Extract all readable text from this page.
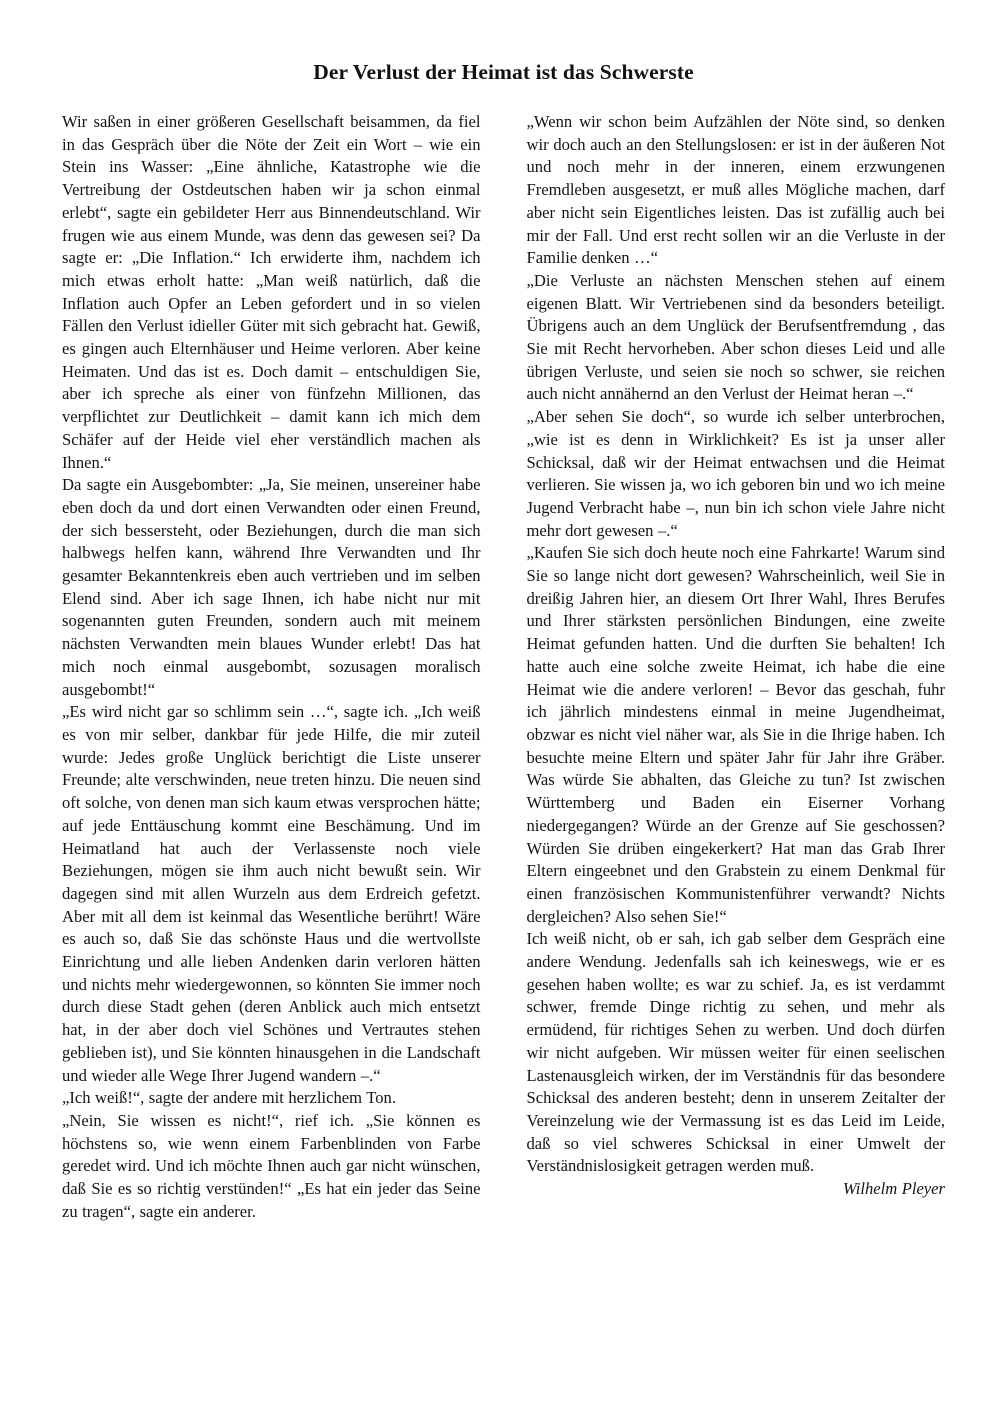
Der Verlust der Heimat ist das Schwerste

Wir saßen in einer größeren Gesellschaft beisammen, da fiel in das Gespräch über die Nöte der Zeit ein Wort – wie ein Stein ins Wasser: „Eine ähnliche, Katastrophe wie die Vertreibung der Ostdeutschen haben wir ja schon einmal erlebt“, sagte ein gebildeter Herr aus Binnendeutschland. Wir frugen wie aus einem Munde, was denn das gewesen sei? Da sagte er: „Die Inflation.“ Ich erwiderte ihm, nachdem ich mich etwas erholt hatte: „Man weiß natürlich, daß die Inflation auch Opfer an Leben gefordert und in so vielen Fällen den Verlust idieller Güter mit sich gebracht hat. Gewiß, es gingen auch Elternhäuser und Heime verloren. Aber keine Heimaten. Und das ist es. Doch damit – entschuldigen Sie, aber ich spreche als einer von fünfzehn Millionen, das verpflichtet zur Deutlichkeit – damit kann ich mich dem Schäfer auf der Heide viel eher verständlich machen als Ihnen.“

Da sagte ein Ausgebombter: „Ja, Sie meinen, unsereiner habe eben doch da und dort einen Verwandten oder einen Freund, der sich bessersteht, oder Beziehungen, durch die man sich halbwegs helfen kann, während Ihre Verwandten und Ihr gesamter Bekanntenkreis eben auch vertrieben und im selben Elend sind. Aber ich sage Ihnen, ich habe nicht nur mit sogenannten guten Freunden, sondern auch mit meinem nächsten Verwandten mein blaues Wunder erlebt! Das hat mich noch einmal ausgebombt, sozusagen moralisch ausgebombt!“

„Es wird nicht gar so schlimm sein …“, sagte ich. „Ich weiß es von mir selber, dankbar für jede Hilfe, die mir zuteil wurde: Jedes große Unglück berichtigt die Liste unserer Freunde; alte verschwinden, neue treten hinzu. Die neuen sind oft solche, von denen man sich kaum etwas versprochen hätte; auf jede Enttäuschung kommt eine Beschämung. Und im Heimatland hat auch der Verlassenste noch viele Beziehungen, mögen sie ihm auch nicht bewußt sein. Wir dagegen sind mit allen Wurzeln aus dem Erdreich gefetzt. Aber mit all dem ist keinmal das Wesentliche berührt! Wäre es auch so, daß Sie das schönste Haus und die wertvollste Einrichtung und alle lieben Andenken darin verloren hätten und nichts mehr wiedergewonnen, so könnten Sie immer noch durch diese Stadt gehen (deren Anblick auch mich entsetzt hat, in der aber doch viel Schönes und Vertrautes stehen geblieben ist), und Sie könnten hinausgehen in die Landschaft und wieder alle Wege Ihrer Jugend wandern –.“

„Ich weiß!“, sagte der andere mit herzlichem Ton.

„Nein, Sie wissen es nicht!“, rief ich. „Sie können es höchstens so, wie wenn einem Farbenblinden von Farbe geredet wird. Und ich möchte Ihnen auch gar nicht wünschen, daß Sie es so richtig verstünden!“ „Es hat ein jeder das Seine zu tragen“, sagte ein anderer.

„Wenn wir schon beim Aufzählen der Nöte sind, so denken wir doch auch an den Stellungslosen: er ist in der äußeren Not und noch mehr in der inneren, einem erzwungenen Fremdleben ausgesetzt, er muß alles Mögliche machen, darf aber nicht sein Eigentliches leisten. Das ist zufällig auch bei mir der Fall. Und erst recht sollen wir an die Verluste in der Familie denken …“

„Die Verluste an nächsten Menschen stehen auf einem eigenen Blatt. Wir Vertriebenen sind da besonders beteiligt. Übrigens auch an dem Unglück der Berufsentfremdung , das Sie mit Recht hervorheben. Aber schon dieses Leid und alle übrigen Verluste, und seien sie noch so schwer, sie reichen auch nicht annähernd an den Verlust der Heimat heran –.“

„Aber sehen Sie doch“, so wurde ich selber unterbrochen, „wie ist es denn in Wirklichkeit? Es ist ja unser aller Schicksal, daß wir der Heimat entwachsen und die Heimat verlieren. Sie wissen ja, wo ich geboren bin und wo ich meine Jugend Verbracht habe –, nun bin ich schon viele Jahre nicht mehr dort gewesen –.“

„Kaufen Sie sich doch heute noch eine Fahrkarte! Warum sind Sie so lange nicht dort gewesen? Wahrscheinlich, weil Sie in dreißig Jahren hier, an diesem Ort Ihrer Wahl, Ihres Berufes und Ihrer stärksten persönlichen Bindungen, eine zweite Heimat gefunden hatten. Und die durften Sie behalten! Ich hatte auch eine solche zweite Heimat, ich habe die eine Heimat wie die andere verloren! – Bevor das geschah, fuhr ich jährlich mindestens einmal in meine Jugendheimat, obzwar es nicht viel näher war, als Sie in die Ihrige haben. Ich besuchte meine Eltern und später Jahr für Jahr ihre Gräber. Was würde Sie abhalten, das Gleiche zu tun? Ist zwischen Württemberg und Baden ein Eiserner Vorhang niedergegangen? Würde an der Grenze auf Sie geschossen? Würden Sie drüben eingekerkert? Hat man das Grab Ihrer Eltern eingeebnet und den Grabstein zu einem Denkmal für einen französischen Kommunistenführer verwandt? Nichts dergleichen? Also sehen Sie!“

Ich weiß nicht, ob er sah, ich gab selber dem Gespräch eine andere Wendung. Jedenfalls sah ich keineswegs, wie er es gesehen haben wollte; es war zu schief. Ja, es ist verdammt schwer, fremde Dinge richtig zu sehen, und mehr als ermüdend, für richtiges Sehen zu werben. Und doch dürfen wir nicht aufgeben. Wir müssen weiter für einen seelischen Lastenausgleich wirken, der im Verständnis für das besondere Schicksal des anderen besteht; denn in unserem Zeitalter der Vereinzelung wie der Vermassung ist es das Leid im Leide, daß so viel schweres Schicksal in einer Umwelt der Verständnislosigkeit getragen werden muß.

Wilhelm Pleyer
